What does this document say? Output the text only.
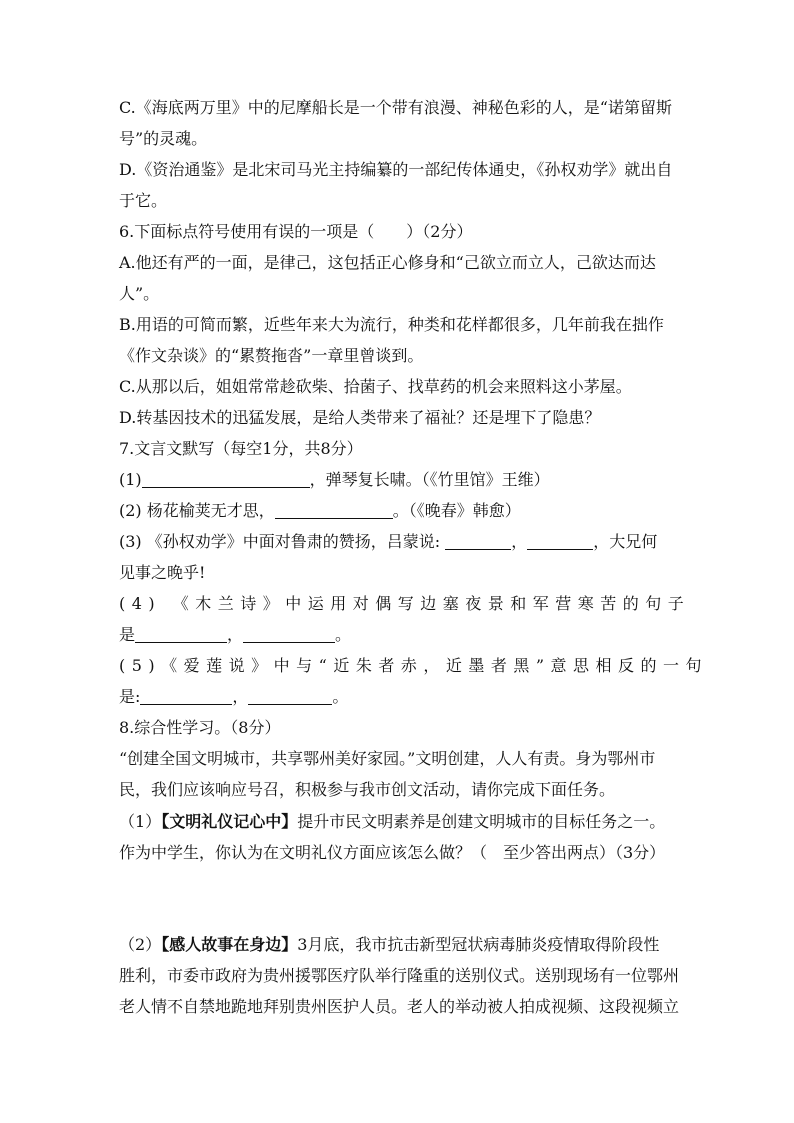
C.《海底两万里》中的尼摩船长是一个带有浪漫、神秘色彩的人，是“诺第留斯
号”的灵魂。
D.《资治通鉴》是北宋司马光主持编纂的一部纪传体通史，《孙权劝学》就出自
于它。
6.下面标点符号使用有误的一项是（　　）（2分）
A.他还有严的一面，是律己，这包括正心修身和“己欲立而立人，己欲达而达
人”。
B.用语的可简而繁，近些年来大为流行，种类和花样都很多，几年前我在拙作
《作文杂谈》的“累赘拖沓”一章里曾谈到。
C.从那以后，姐姐常常趁砍柴、拾菌子、找草药的机会来照料这小茅屋。
D.转基因技术的迅猛发展，是给人类带来了福祉？还是埋下了隐患？
7.文言文默写（每空1分，共8分）
(1)	，弹琴复长啸。（《竹里馆》王维）
(2) 杨花榆荚无才思，	。（《晚春》韩愈）
(3) 《孙权劝学》中面对鲁肃的赞扬，吕蒙说:	，	，大兄何
见事之晚乎!
(4) 《木兰诗》中运用对偶写边塞夜景和军营寒苦的句子
是	，	。
(5)《爱莲说》中与“近朱者赤，近墨者黑”意思相反的一句
是:	，	。
8.综合性学习。（8分）
“创建全国文明城市，共享鄂州美好家园。”文明创建，人人有责。身为鄂州市
民，我们应该响应号召，积极参与我市创文活动，请你完成下面任务。
（1）【文明礼仪记心中】提升市民文明素养是创建文明城市的目标任务之一。
作为中学生，你认为在文明礼仪方面应该怎么做？（　至少答出两点）（3分）
（2）【感人故事在身边】3月底，我市抗击新型冠状病毒肺炎疫情取得阶段性
胜利，市委市政府为贵州援鄂医疗队举行隆重的送别仪式。送别现场有一位鄂州
老人情不自禁地跪地拜别贵州医护人员。老人的举动被人拍成视频、这段视频立
